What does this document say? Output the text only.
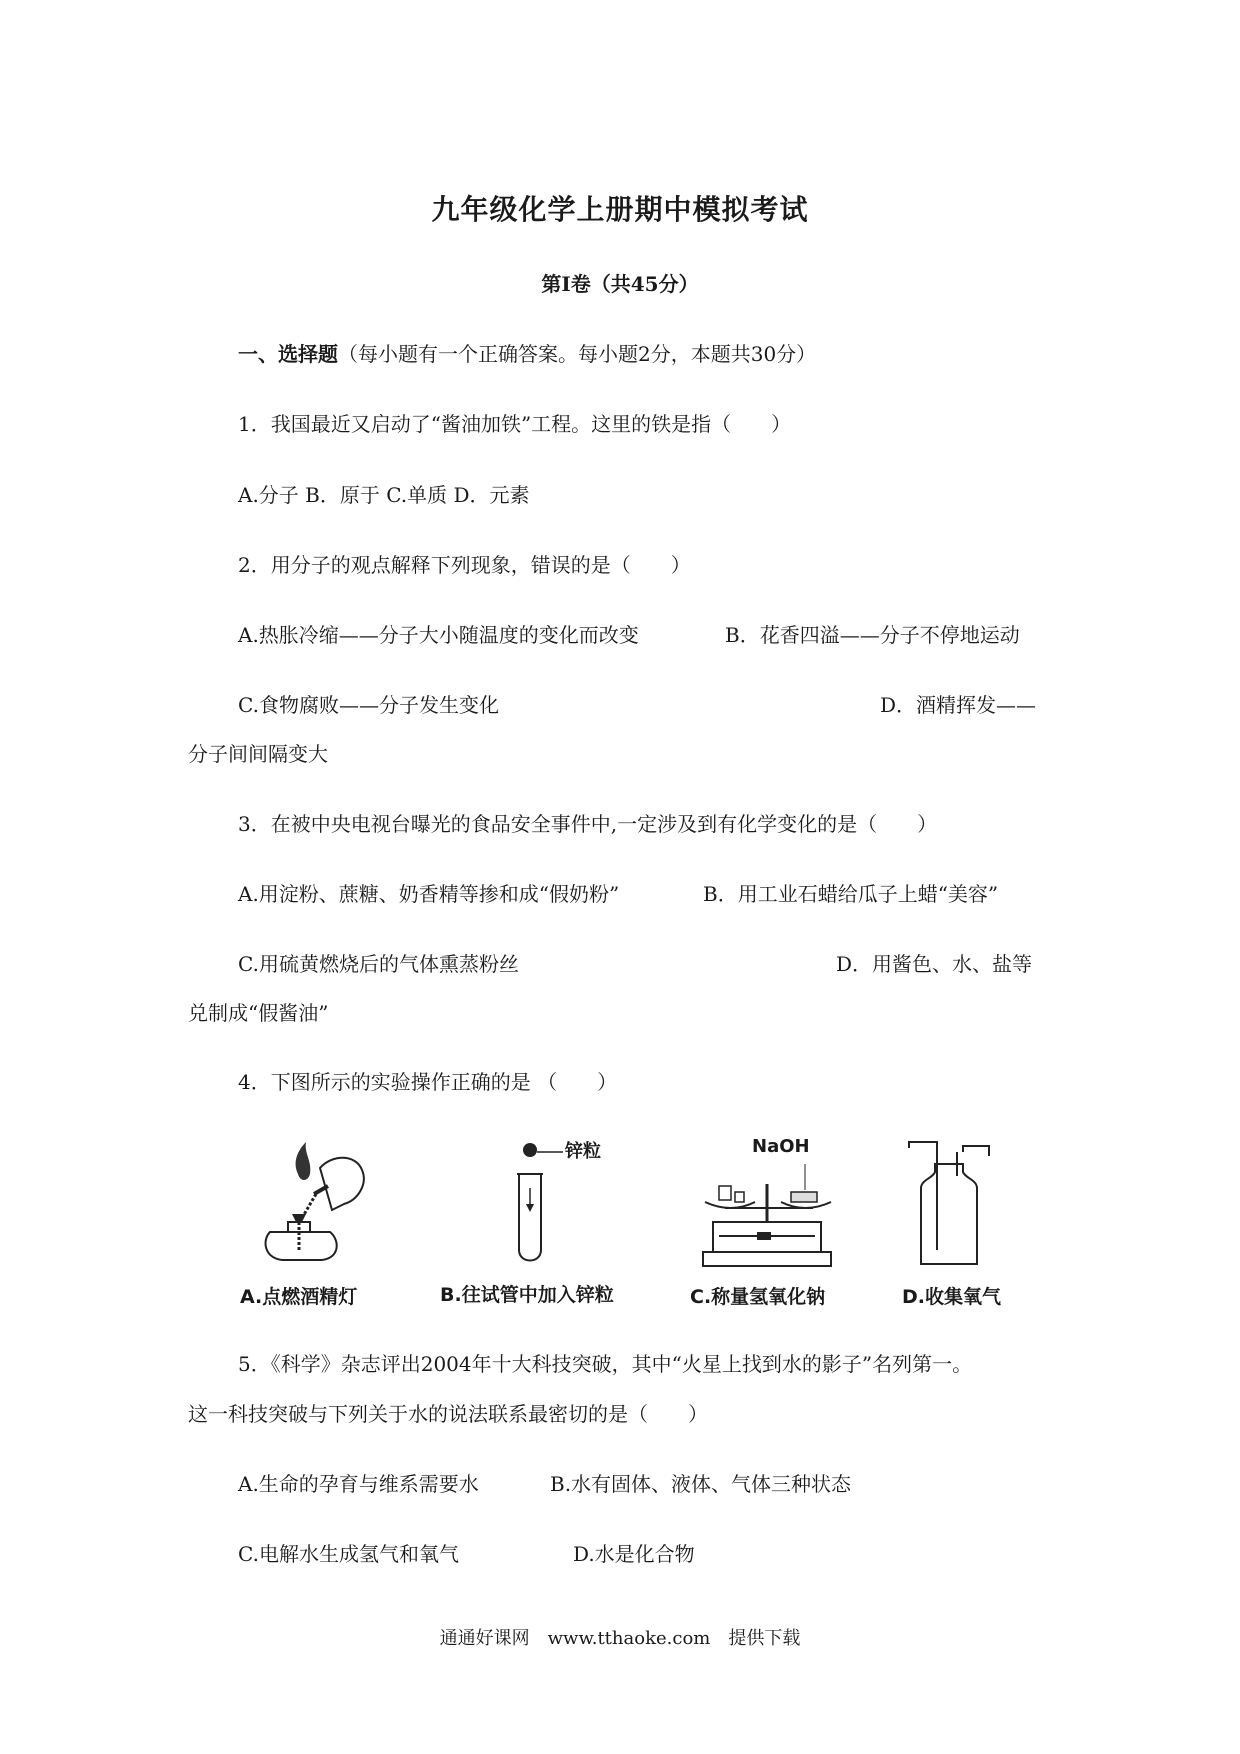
九年级化学上册期中模拟考试
第Ⅰ卷（共45分）
一、选择题（每小题有一个正确答案。每小题2分，本题共30分）
1．我国最近又启动了“酱油加铁”工程。这里的铁是指（　　）
A.分子 B．原于 C.单质 D．元素
2．用分子的观点解释下列现象，错误的是（　　）
A.热胀冷缩——分子大小随温度的变化而改变	B．花香四溢——分子不停地运动
C.食物腐败——分子发生变化	D．酒精挥发——
分子间间隔变大
3．在被中央电视台曝光的食品安全事件中,一定涉及到有化学变化的是（　　）
A.用淀粉、蔗糖、奶香精等掺和成“假奶粉”	B．用工业石蜡给瓜子上蜡“美容”
C.用硫黄燃烧后的气体熏蒸粉丝	D．用酱色、水、盐等
兑制成“假酱油”
4．下图所示的实验操作正确的是 （　　）
A.点燃酒精灯
锌粒
B.往试管中加入锌粒
NaOH
C.称量氢氧化钠	D.收集氧气
5．《科学》杂志评出2004年十大科技突破，其中“火星上找到水的影子”名列第一。
这一科技突破与下列关于水的说法联系最密切的是（　　）
A.生命的孕育与维系需要水	B.水有固体、液体、气体三种状态
C.电解水生成氢气和氧气	D.水是化合物
通通好课网　www.tthaoke.com　提供下载
